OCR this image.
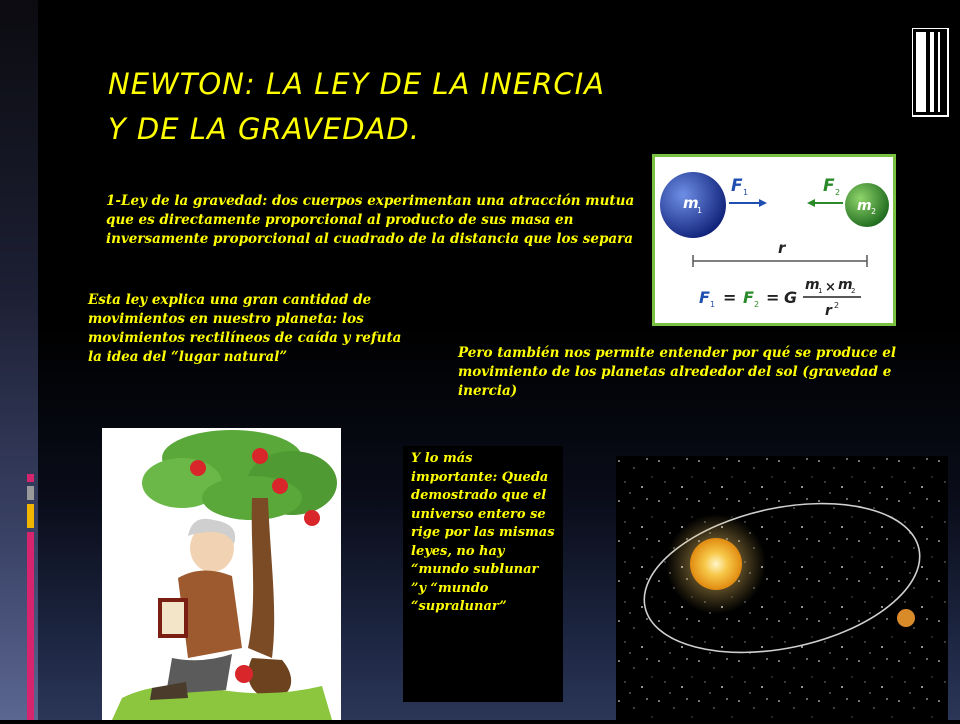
NEWTON: LA LEY DE LA INERCIA
Y DE LA GRAVEDAD.
1-Ley de la gravedad: dos cuerpos experimentan una atracción mutua que es directamente proporcional al producto de sus masa en inversamente proporcional al cuadrado de la distancia que los separa
Esta ley explica una gran cantidad de movimientos en nuestro planeta: los movimientos rectilíneos de caída y refuta la idea del “lugar natural”	Pero también nos permite entender por qué se produce el movimiento de los planetas alrededor del sol (gravedad e inercia)
Y lo más importante: Queda demostrado que el universo entero se rige por las mismas leyes, no hay “mundo sublunar ”y “mundo “supralunar”
m
1	m 2
F 1	F 2
r
F 1 = F 2 = G
m
1 × m
2
r 2
